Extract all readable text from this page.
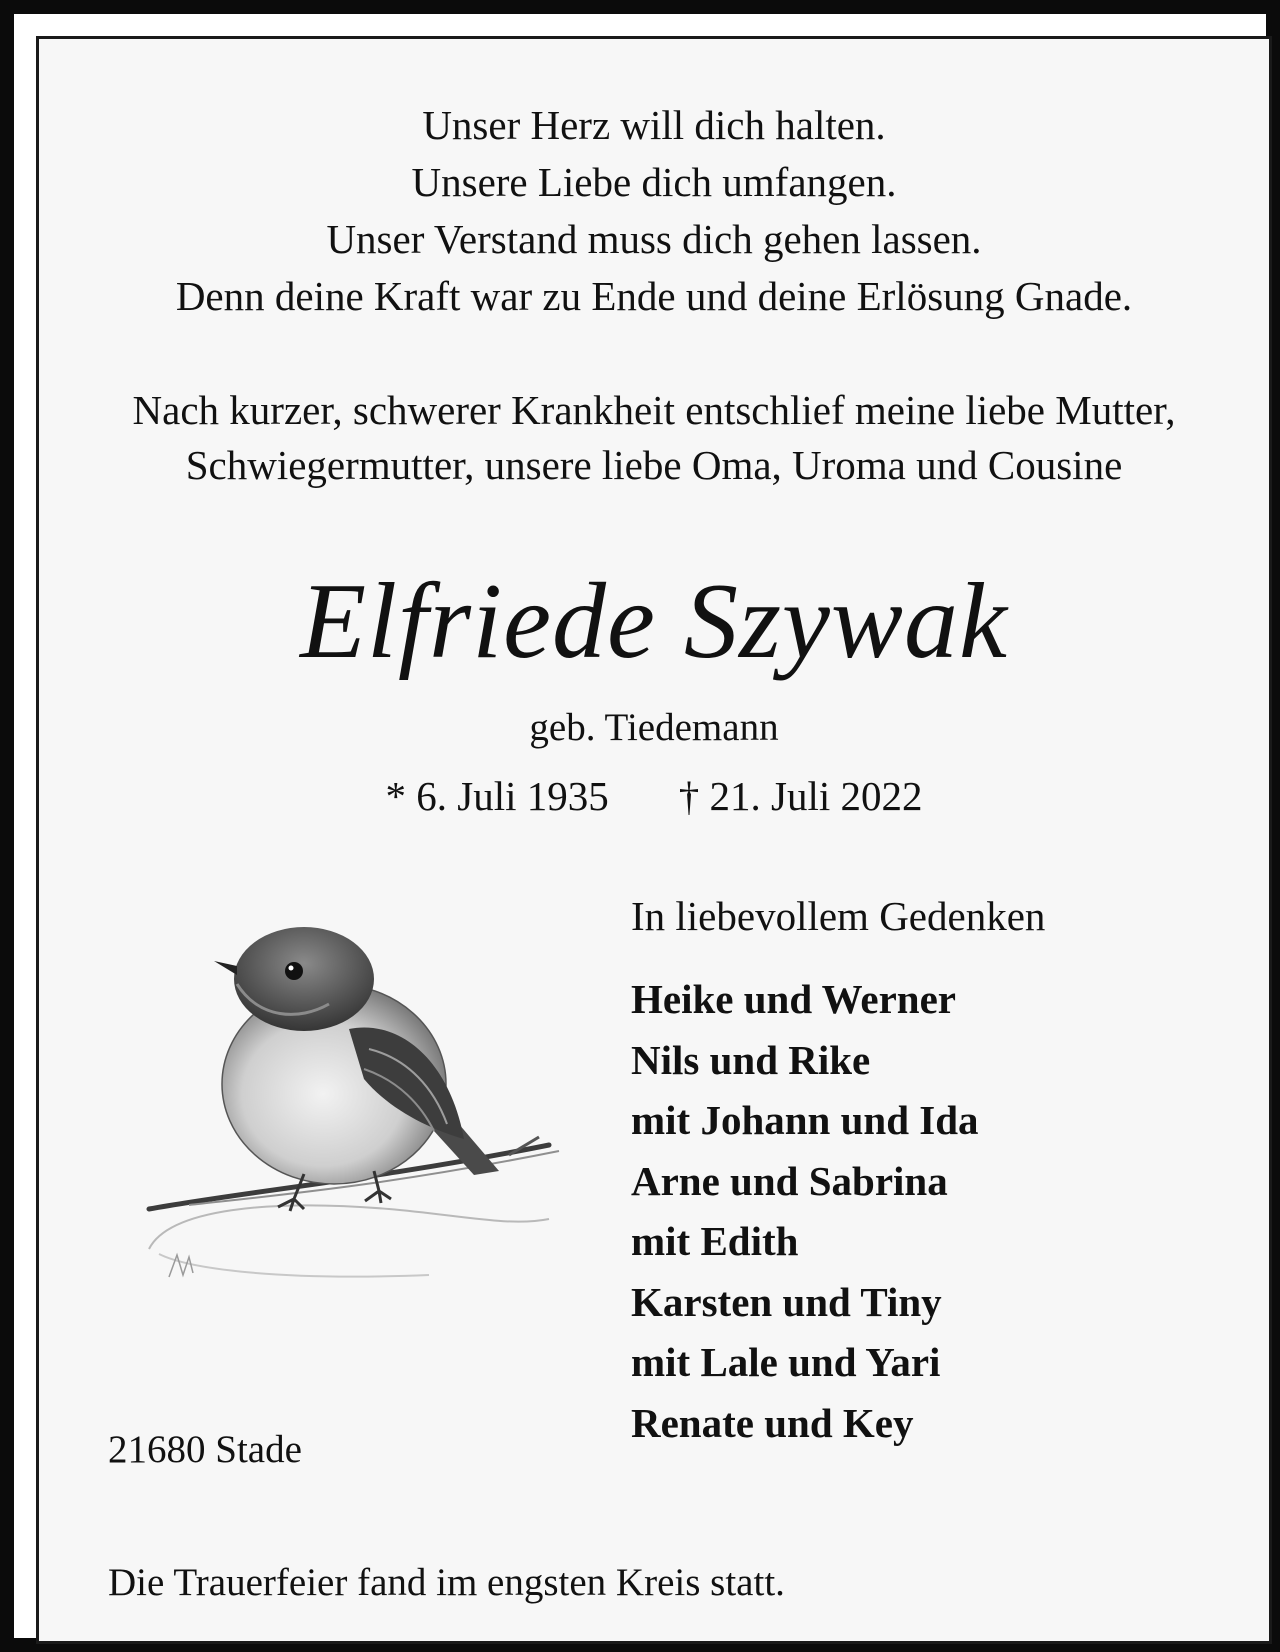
Unser Herz will dich halten.
Unsere Liebe dich umfangen.
Unser Verstand muss dich gehen lassen.
Denn deine Kraft war zu Ende und deine Erlösung Gnade.
Nach kurzer, schwerer Krankheit entschlief meine liebe Mutter,
Schwiegermutter, unsere liebe Oma, Uroma und Cousine
Elfriede Szywak
geb. Tiedemann
* 6. Juli 1935 † 21. Juli 2022
In liebevollem Gedenken
Heike und Werner
Nils und Rike
mit Johann und Ida
Arne und Sabrina
mit Edith
Karsten und Tiny
mit Lale und Yari
Renate und Key
21680 Stade
Die Trauerfeier fand im engsten Kreis statt.
